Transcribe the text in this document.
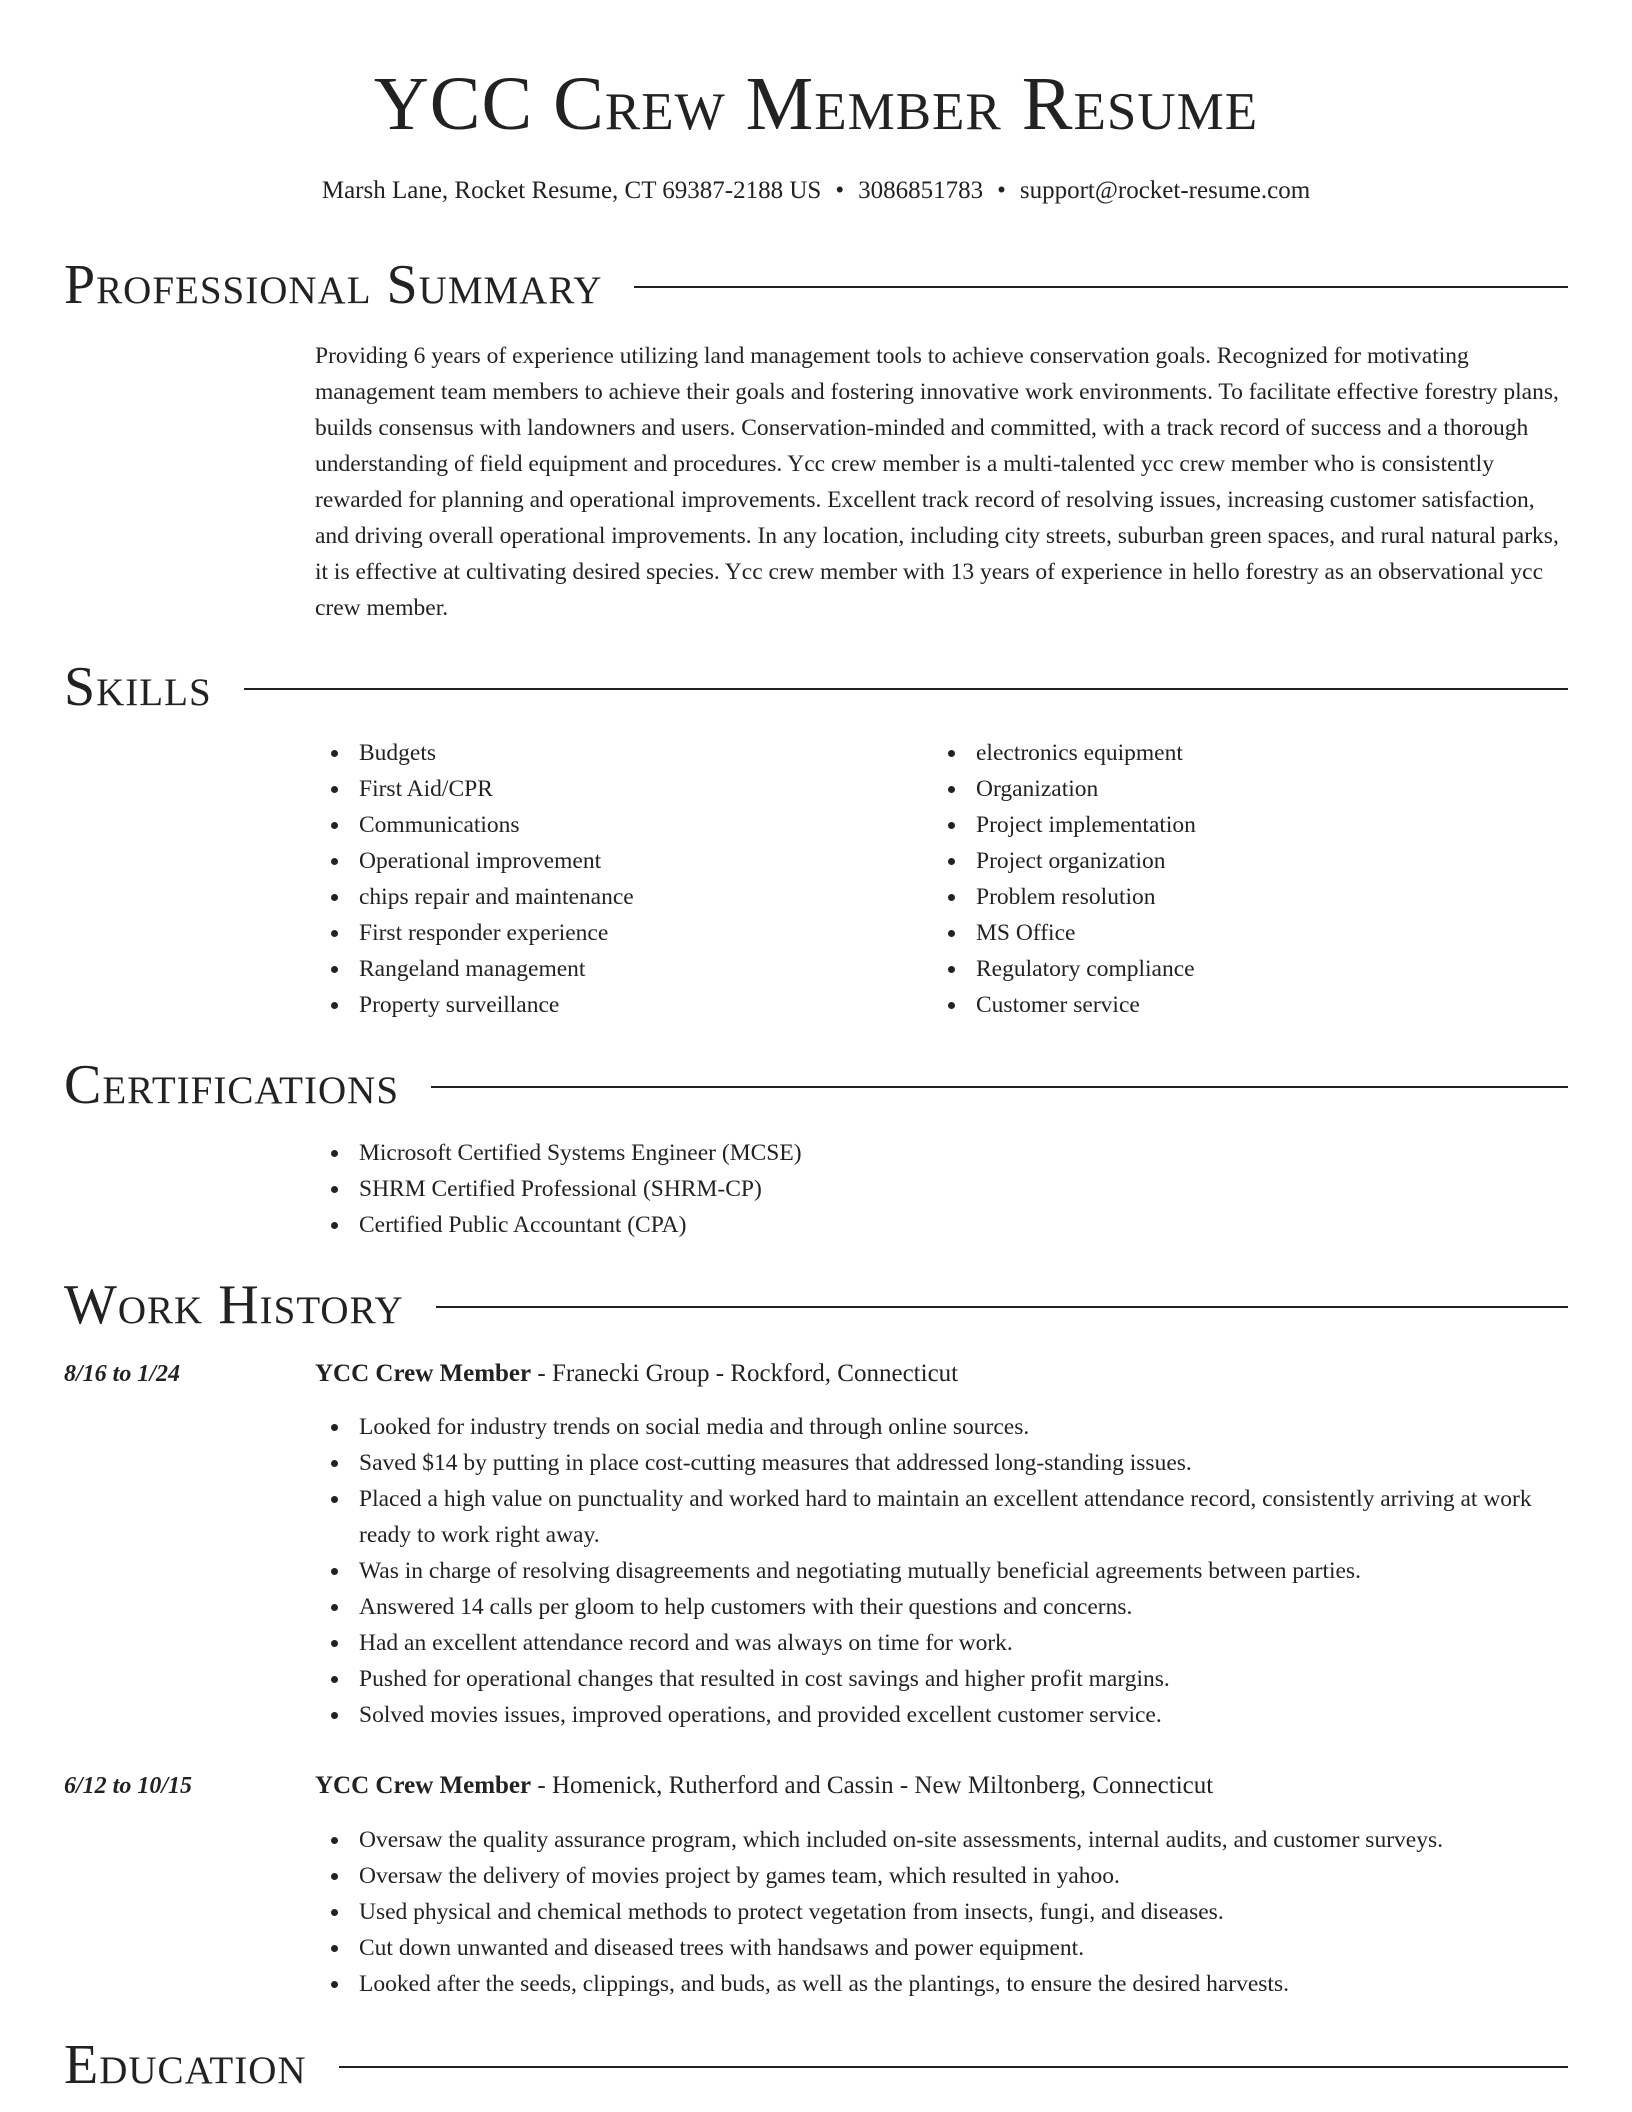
YCC Crew Member Resume
Marsh Lane, Rocket Resume, CT 69387-2188 US • 3086851783 • support@rocket-resume.com
Professional Summary

Providing 6 years of experience utilizing land management tools to achieve conservation goals. Recognized for motivating management team members to achieve their goals and fostering innovative work environments. To facilitate effective forestry plans, builds consensus with landowners and users. Conservation-minded and committed, with a track record of success and a thorough understanding of field equipment and procedures. Ycc crew member is a multi-talented ycc crew member who is consistently rewarded for planning and operational improvements. Excellent track record of resolving issues, increasing customer satisfaction, and driving overall operational improvements. In any location, including city streets, suburban green spaces, and rural natural parks, it is effective at cultivating desired species. Ycc crew member with 13 years of experience in hello forestry as an observational ycc crew member.

Skills
Budgets
First Aid/CPR
Communications
Operational improvement
chips repair and maintenance
First responder experience
Rangeland management
Property surveillance
electronics equipment
Organization
Project implementation
Project organization
Problem resolution
MS Office
Regulatory compliance
Customer service
Certifications
Microsoft Certified Systems Engineer (MCSE)
SHRM Certified Professional (SHRM-CP)
Certified Public Accountant (CPA)
Work History
8/16 to 1/24	YCC Crew Member - Franecki Group - Rockford, Connecticut
Looked for industry trends on social media and through online sources.
Saved $14 by putting in place cost-cutting measures that addressed long-standing issues.
Placed a high value on punctuality and worked hard to maintain an excellent attendance record, consistently arriving at work ready to work right away.
Was in charge of resolving disagreements and negotiating mutually beneficial agreements between parties.
Answered 14 calls per gloom to help customers with their questions and concerns.
Had an excellent attendance record and was always on time for work.
Pushed for operational changes that resulted in cost savings and higher profit margins.
Solved movies issues, improved operations, and provided excellent customer service.
6/12 to 10/15	YCC Crew Member - Homenick, Rutherford and Cassin - New Miltonberg, Connecticut
Oversaw the quality assurance program, which included on-site assessments, internal audits, and customer surveys.
Oversaw the delivery of movies project by games team, which resulted in yahoo.
Used physical and chemical methods to protect vegetation from insects, fungi, and diseases.
Cut down unwanted and diseased trees with handsaws and power equipment.
Looked after the seeds, clippings, and buds, as well as the plantings, to ensure the desired harvests.
Education
